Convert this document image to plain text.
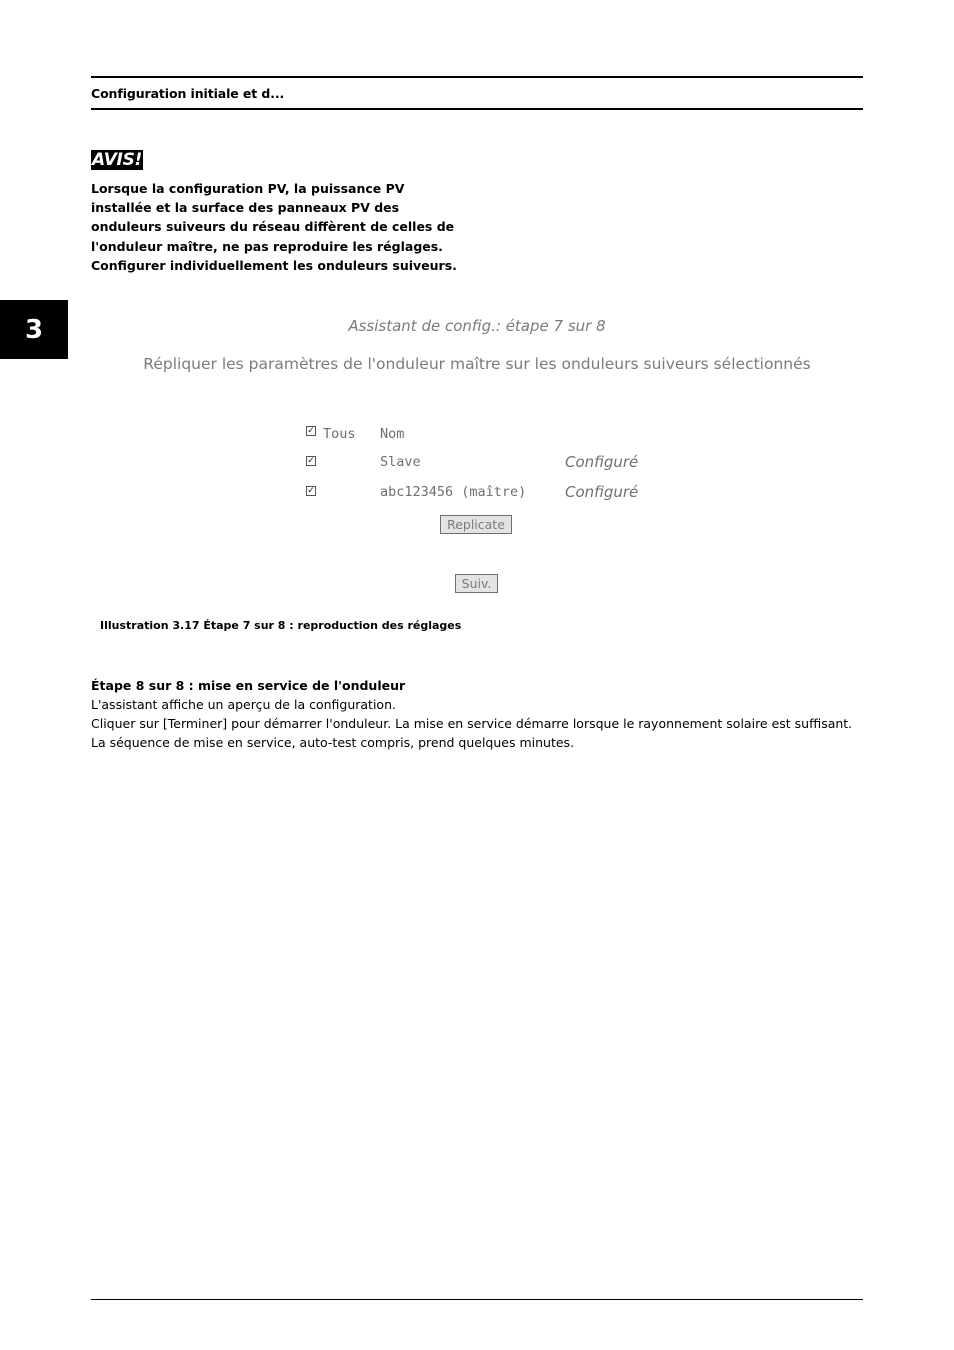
Configuration initiale et d...
3
AVIS!
Lorsque la configuration PV, la puissance PV installée et la surface des panneaux PV des onduleurs suiveurs du réseau diffèrent de celles de l'onduleur maître, ne pas reproduire les réglages. Configurer individuellement les onduleurs suiveurs.
Assistant de config.: étape 7 sur 8
Répliquer les paramètres de l'onduleur maître sur les onduleurs suiveurs sélectionnés
✓ Tous Nom
✓	Slave	Configuré
✓	abc123456 (maître)	Configuré
Replicate
Suiv.
Illustration 3.17 Étape 7 sur 8 : reproduction des réglages
Étape 8 sur 8 : mise en service de l'onduleur
L'assistant affiche un aperçu de la configuration.
Cliquer sur [Terminer] pour démarrer l'onduleur. La mise en service démarre lorsque le rayonnement solaire est suffisant.
La séquence de mise en service, auto-test compris, prend quelques minutes.
